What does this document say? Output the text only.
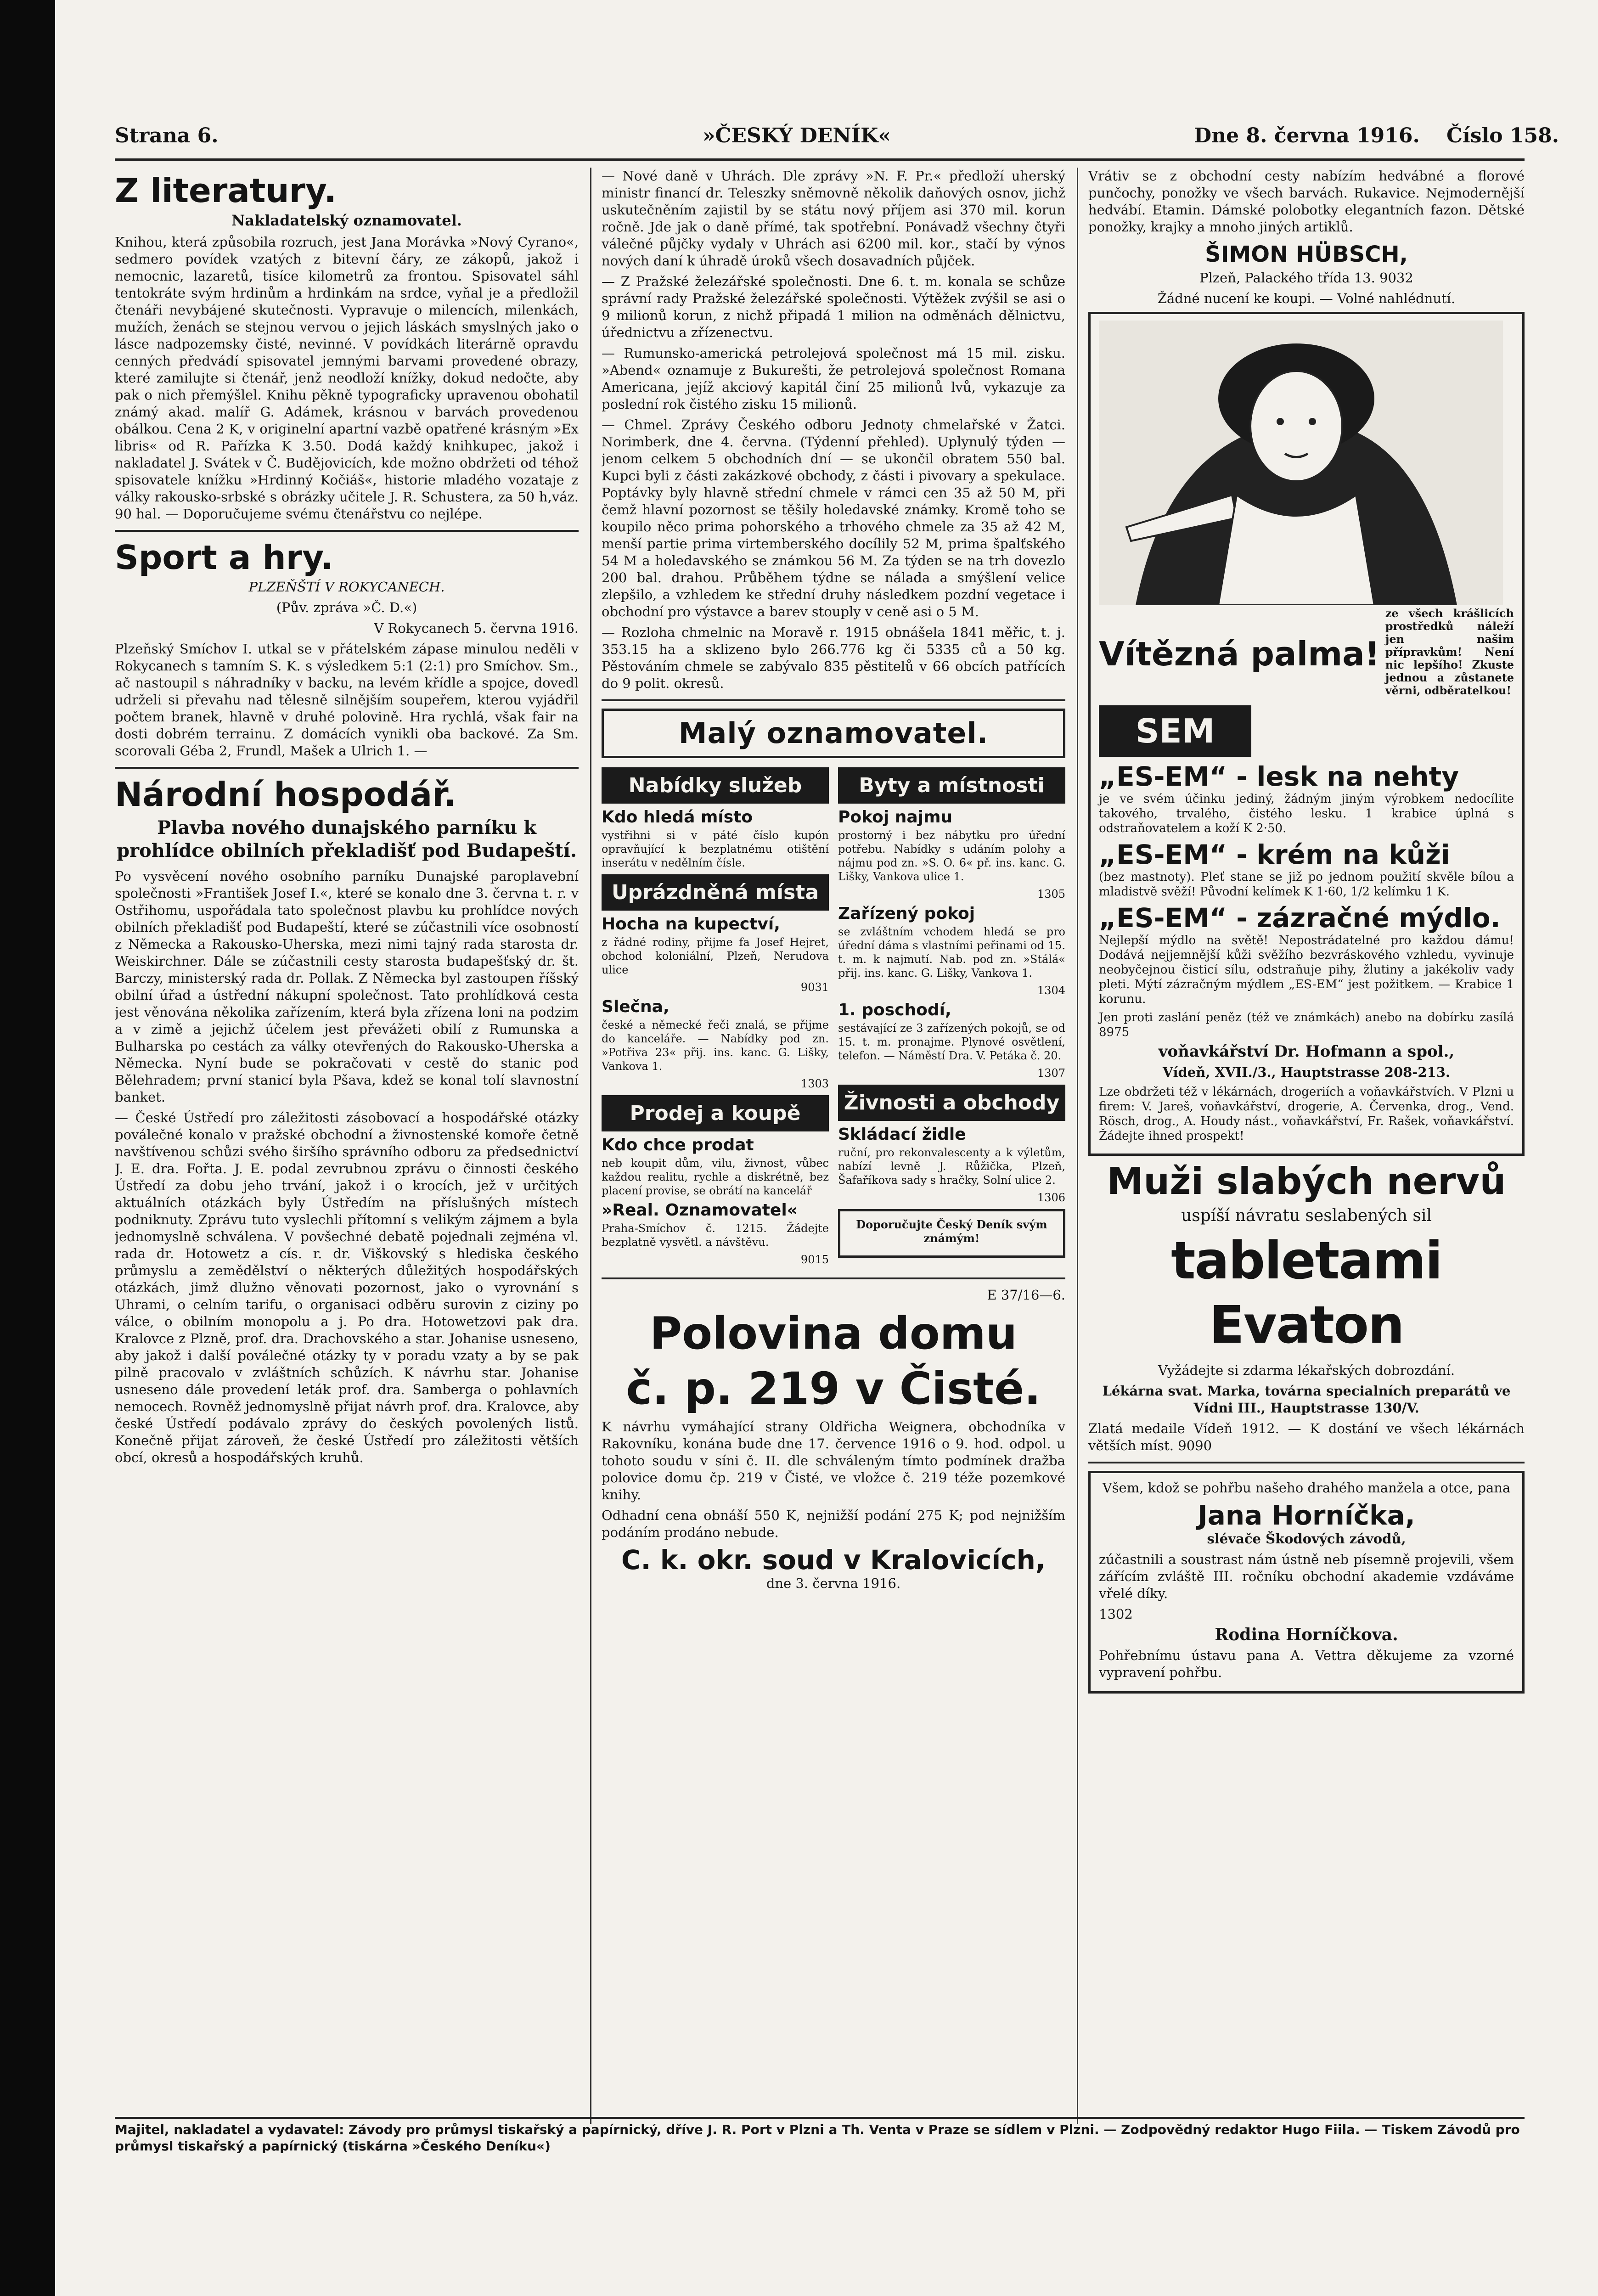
Strana 6.	»ČESKÝ DENÍK«	Dne 8. června 1916. Číslo 158.
Z literatury.
Nakladatelský oznamovatel.

Knihou, která způsobila rozruch, jest Jana Morávka »Nový Cyrano«, sedmero povídek vzatých z bitevní čáry, ze zákopů, jakož i nemocnic, lazaretů, tisíce kilometrů za frontou. Spisovatel sáhl tentokráte svým hrdinům a hrdinkám na srdce, vyňal je a předložil čtenáři nevybájené skutečnosti. Vypravuje o milencích, milenkách, mužích, ženách se stejnou vervou o jejich láskách smyslných jako o lásce nadpozemsky čisté, nevinné. V povídkách literárně opravdu cenných předvádí spisovatel jemnými barvami provedené obrazy, které zamilujte si čtenář, jenž neodloží knížky, dokud nedočte, aby pak o nich přemýšlel. Knihu pěkně typograficky upravenou obohatil známý akad. malíř G. Adámek, krásnou v barvách provedenou obálkou. Cena 2 K, v originelní apartní vazbě opatřené krásným »Ex libris« od R. Pařízka K 3.50. Dodá každý knihkupec, jakož i nakladatel J. Svátek v Č. Budějovicích, kde možno obdržeti od téhož spisovatele knížku »Hrdinný Kočiáš«, historie mladého vozataje z války rakousko-srbské s obrázky učitele J. R. Schustera, za 50 h,váz. 90 hal. — Doporučujeme svému čtenářstvu co nejlépe.

Sport a hry.

PLZEŇŠTÍ V ROKYCANECH.

(Pův. zpráva »Č. D.«)

V Rokycanech 5. června 1916.

Plzeňský Smíchov I. utkal se v přátelském zápase minulou neděli v Rokycanech s tamním S. K. s výsledkem 5:1 (2:1) pro Smíchov. Sm., ač nastoupil s náhradníky v backu, na levém křídle a spojce, dovedl udrželi si převahu nad tělesně silnějším soupeřem, kterou vyjádřil počtem branek, hlavně v druhé polovině. Hra rychlá, však fair na dosti dobrém terrainu. Z domácích vynikli oba backové. Za Sm. scorovali Géba 2, Frundl, Mašek a Ulrich 1. —

Národní hospodář.
Plavba nového dunajského parníku k prohlídce obilních překladišť pod Budapeští.

Po vysvěcení nového osobního parníku Dunajské paroplavební společnosti »František Josef I.«, které se konalo dne 3. června t. r. v Ostřihomu, uspořádala tato společnost plavbu ku prohlídce nových obilních překladišť pod Budapeští, které se zúčastnili více osobností z Německa a Rakousko-Uherska, mezi nimi tajný rada starosta dr. Weiskirchner. Dále se zúčastnili cesty starosta budapešťský dr. št. Barczy, ministerský rada dr. Pollak. Z Německa byl zastoupen říšský obilní úřad a ústřední nákupní společnost. Tato prohlídková cesta jest věnována několika zařízením, která byla zřízena loni na podzim a v zimě a jejichž účelem jest převážeti obilí z Rumunska a Bulharska po cestách za války otevřených do Rakousko-Uherska a Německa. Nyní bude se pokračovati v cestě do stanic pod Bělehradem; první stanicí byla Pšava, kdež se konal tolí slavnostní banket.

— České Ústředí pro záležitosti zásobovací a hospodářské otázky poválečné konalo v pražské obchodní a živnostenské komoře četně navštívenou schůzi svého širšího správního odboru za předsednictví J. E. dra. Fořta. J. E. podal zevrubnou zprávu o činnosti českého Ústředí za dobu jeho trvání, jakož i o krocích, jež v určitých aktuálních otázkách byly Ústředím na příslušných místech podniknuty. Zprávu tuto vyslechli přítomní s velikým zájmem a byla jednomyslně schválena. V povšechné debatě pojednali zejména vl. rada dr. Hotowetz a cís. r. dr. Viškovský s hlediska českého průmyslu a zemědělství o některých důležitých hospodářských otázkách, jimž dlužno věnovati pozornost, jako o vyrovnání s Uhrami, o celním tarifu, o organisaci odběru surovin z ciziny po válce, o obilním monopolu a j. Po dra. Hotowetzovi pak dra. Kralovce z Plzně, prof. dra. Drachovského a star. Johanise usneseno, aby jakož i další poválečné otázky ty v poradu vzaty a by se pak pilně pracovalo v zvláštních schůzích. K návrhu star. Johanise usneseno dále provedení leták prof. dra. Samberga o pohlavních nemocech. Rovněž jednomyslně přijat návrh prof. dra. Kralovce, aby české Ústředí podávalo zprávy do českých povolených listů. Konečně přijat zároveň, že české Ústředí pro záležitosti větších obcí, okresů a hospodářských kruhů.

— Nové daně v Uhrách. Dle zprávy »N. F. Pr.« předloží uherský ministr financí dr. Teleszky sněmovně několik daňových osnov, jichž uskutečněním zajistil by se státu nový příjem asi 370 mil. korun ročně. Jde jak o daně přímé, tak spotřební. Ponávadž všechny čtyři válečné půjčky vydaly v Uhrách asi 6200 mil. kor., stačí by výnos nových daní k úhradě úroků všech dosavadních půjček.

— Z Pražské železářské společnosti. Dne 6. t. m. konala se schůze správní rady Pražské železářské společnosti. Výtěžek zvýšil se asi o 9 milionů korun, z nichž připadá 1 milion na odměnách dělnictvu, úřednictvu a zřízenectvu.

— Rumunsko-americká petrolejová společnost má 15 mil. zisku. »Abend« oznamuje z Bukurešti, že petrolejová společnost Romana Americana, jejíž akciový kapitál činí 25 milionů lvů, vykazuje za poslední rok čistého zisku 15 milionů.

— Chmel. Zprávy Českého odboru Jednoty chmelařské v Žatci. Norimberk, dne 4. června. (Týdenní přehled). Uplynulý týden — jenom celkem 5 obchodních dní — se ukončil obratem 550 bal. Kupci byli z části zakázkové obchody, z části i pivovary a spekulace. Poptávky byly hlavně střední chmele v rámci cen 35 až 50 M, při čemž hlavní pozornost se těšily holedavské známky. Kromě toho se koupilo něco prima pohorského a trhového chmele za 35 až 42 M, menší partie prima virtemberského docílily 52 M, prima špalťského 54 M a holedavského se známkou 56 M. Za týden se na trh dovezlo 200 bal. drahou. Průběhem týdne se nálada a smýšlení velice zlepšilo, a vzhledem ke střední druhy následkem pozdní vegetace i obchodní pro výstavce a barev stouply v ceně asi o 5 M.

— Rozloha chmelnic na Moravě r. 1915 obnášela 1841 měřic, t. j. 353.15 ha a sklizeno bylo 266.776 kg či 5335 ců a 50 kg. Pěstováním chmele se zabývalo 835 pěstitelů v 66 obcích patřících do 9 polit. okresů.

Malý oznamovatel.
Nabídky služeb
Kdo hledá místo

vystřihni si v páté číslo kupón opravňující k bezplatnému otištění inserátu v nedělním čísle.

Uprázdněná místa
Hocha na kupectví,

z řádné rodiny, přijme fa Josef Hejret, obchod koloniální, Plzeň, Nerudova ulice

9031

Slečna,

české a německé řeči znalá, se přijme do kanceláře. — Nabídky pod zn. »Potřiva 23« přij. ins. kanc. G. Lišky, Vankova 1.

1303

Prodej a koupě
Kdo chce prodat

neb koupit dům, vilu, živnost, vůbec každou realitu, rychle a diskrétně, bez placení provise, se obrátí na kancelář

»Real. Oznamovatel«

Praha-Smíchov č. 1215. Žádejte bezplatně vysvětl. a návštěvu.

9015

Byty a místnosti
Pokoj najmu

prostorný i bez nábytku pro úřední potřebu. Nabídky s udáním polohy a nájmu pod zn. »S. O. 6« př. ins. kanc. G. Lišky, Vankova ulice 1.

1305

Zařízený pokoj

se zvláštním vchodem hledá se pro úřední dáma s vlastními peřinami od 15. t. m. k najmutí. Nab. pod zn. »Stálá« přij. ins. kanc. G. Lišky, Vankova 1.

1304

1. poschodí,

sestávající ze 3 zařízených pokojů, se od 15. t. m. pronajme. Plynové osvětlení, telefon. — Náměstí Dra. V. Petáka č. 20.

1307

Živnosti a obchody
Skládací židle

ruční, pro rekonvalescenty a k výletům, nabízí levně J. Růžička, Plzeň, Šafaříkova sady s hračky, Solní ulice 2.

1306

Doporučujte Český Deník svým známým!

E 37/16—6.

Polovina domu
č. p. 219 v Čisté.

K návrhu vymáhající strany Oldřicha Weignera, obchodníka v Rakovníku, konána bude dne 17. července 1916 o 9. hod. odpol. u tohoto soudu v síni č. II. dle schváleným tímto podmínek dražba polovice domu čp. 219 v Čisté, ve vložce č. 219 téže pozemkové knihy.

Odhadní cena obnáší 550 K, nejnižší podání 275 K; pod nejnižším podáním prodáno nebude.

C. k. okr. soud v Kralovicích,

dne 3. června 1916.

Vrátiv se z obchodní cesty nabízím hedvábné a florové punčochy, ponožky ve všech barvách. Rukavice. Nejmodernější hedvábí. Etamin. Dámské polobotky elegantních fazon. Dětské ponožky, krajky a mnoho jiných artiklů.

ŠIMON HÜBSCH,

Plzeň, Palackého třída 13. 9032

Žádné nucení ke koupi. — Volné nahlédnutí.

Vítězná palma!

ze všech krášlicích prostředků náleží jen našim přípravkům! Není nic lepšího! Zkuste jednou a zůstanete věrni, odběratelkou!

SEM
„ES-EM“ - lesk na nehty

je ve svém účinku jediný, žádným jiným výrobkem nedocílite takového, trvalého, čistého lesku. 1 krabice úplná s odstraňovatelem a koží K 2·50.

„ES-EM“ - krém na kůži

(bez mastnoty). Pleť stane se již po jednom použití skvěle bílou a mladistvě svěží! Původní kelímek K 1·60, 1/2 kelímku 1 K.

„ES-EM“ - zázračné mýdlo.

Nejlepší mýdlo na světě! Nepostrádatelné pro každou dámu! Dodává nejjemnější kůži svěžího bezvráskového vzhledu, vyvinuje neobyčejnou čisticí sílu, odstraňuje pihy, žlutiny a jakékoliv vady pleti. Mýtí zázračným mýdlem „ES-EM“ jest požitkem. — Krabice 1 korunu.

Jen proti zaslání peněz (též ve známkách) anebo na dobírku zasílá 8975

voňavkářství Dr. Hofmann a spol.,

Vídeň, XVII./3., Hauptstrasse 208-213.

Lze obdržeti též v lékárnách, drogeriích a voňavkářstvích. V Plzni u firem: V. Jareš, voňavkářství, drogerie, A. Červenka, drog., Vend. Rösch, drog., A. Houdy nást., voňavkářství, Fr. Rašek, voňavkářství. Žádejte ihned prospekt!

Muži slabých nervů

uspíší návratu seslabených sil

tabletami Evaton

Vyžádejte si zdarma lékařských dobrozdání.

Lékárna svat. Marka, továrna specialních preparátů ve Vídni III., Hauptstrasse 130/V.

Zlatá medaile Vídeň 1912. — K dostání ve všech lékárnách větších míst. 9090

Všem, kdož se pohřbu našeho drahého manžela a otce, pana

Jana Horníčka,

slévače Škodových závodů,

zúčastnili a soustrast nám ústně neb písemně projevili, všem zářícím zvláště III. ročníku obchodní akademie vzdáváme vřelé díky.

1302

Rodina Horníčkova.

Pohřebnímu ústavu pana A. Vettra děkujeme za vzorné vypravení pohřbu.

Majitel, nakladatel a vydavatel: Závody pro průmysl tiskařský a papírnický, dříve J. R. Port v Plzni a Th. Venta v Praze se sídlem v Plzni. — Zodpovědný redaktor Hugo Fiila. — Tiskem Závodů pro průmysl tiskařský a papírnický (tiskárna »Českého Deníku«)
